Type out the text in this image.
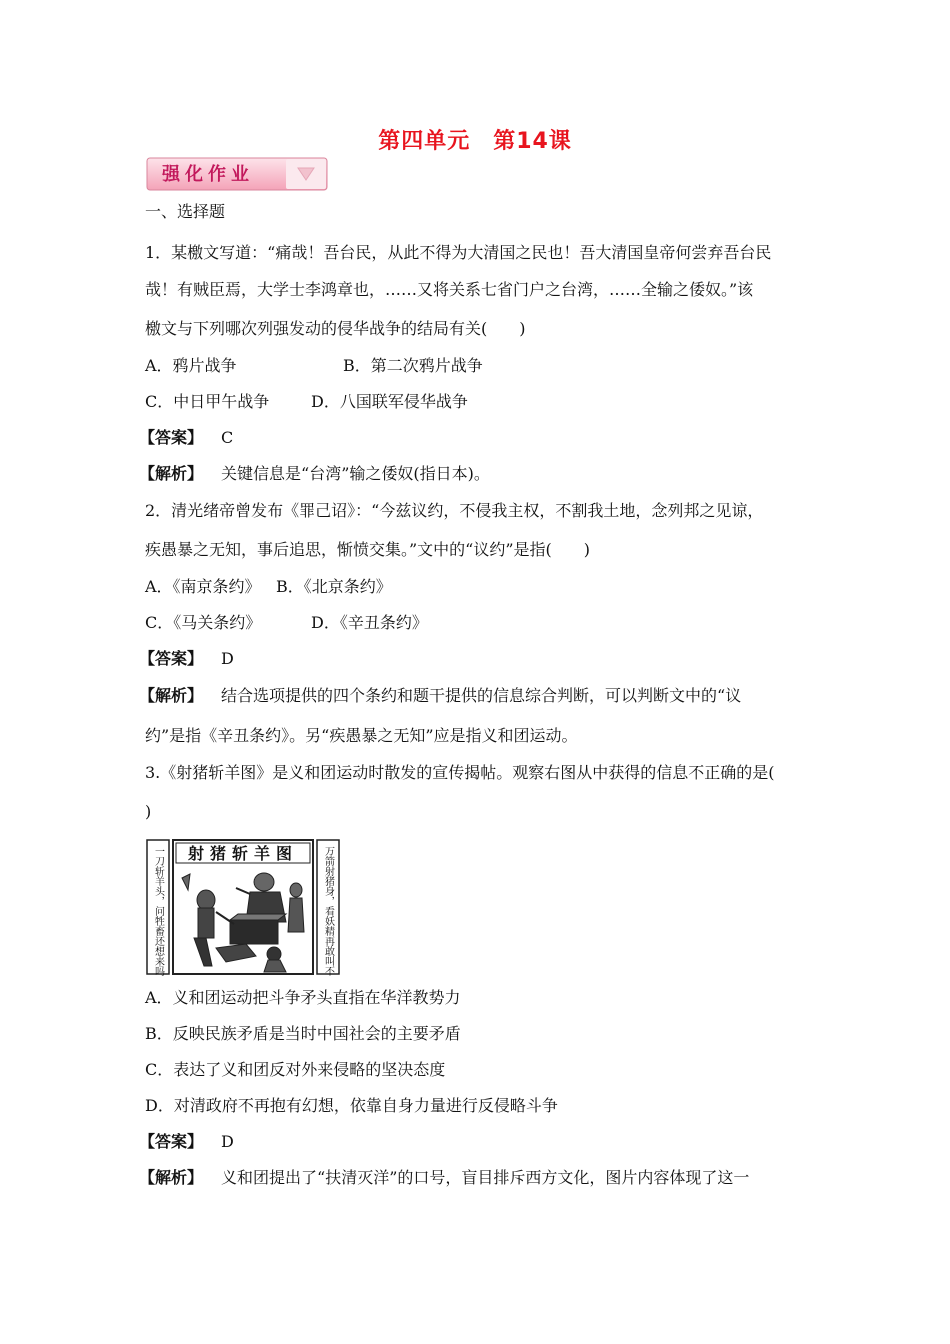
第四单元　第14课
强化作业
一、选择题
1．某檄文写道：“痛哉！吾台民，从此不得为大清国之民也！吾大清国皇帝何尝弃吾台民
哉！有贼臣焉，大学士李鸿章也，……又将关系七省门户之台湾，……全输之倭奴。”该
檄文与下列哪次列强发动的侵华战争的结局有关(　　)
A．鸦片战争	B．第二次鸦片战争
C．中日甲午战争	D．八国联军侵华战争
【答案】 C
【解析】 关键信息是“台湾”输之倭奴(指日本)。
2．清光绪帝曾发布《罪己诏》：“今兹议约，不侵我主权，不割我土地，念列邦之见谅，
疾愚暴之无知，事后追思，惭愤交集。”文中的“议约”是指(　　)
A．《南京条约》 B．《北京条约》
C．《马关条约》	D．《辛丑条约》
【答案】 D
【解析】 结合选项提供的四个条约和题干提供的信息综合判断，可以判断文中的“议
约”是指《辛丑条约》。另“疾愚暴之无知”应是指义和团运动。
3.《射猪斩羊图》是义和团运动时散发的宣传揭帖。观察右图从中获得的信息不正确的是(
)
一刀斩羊头，问牲畜还想来吗	万箭射猪身，看妖精再敢叫不
射猪斩羊图
A．义和团运动把斗争矛头直指在华洋教势力
B．反映民族矛盾是当时中国社会的主要矛盾
C．表达了义和团反对外来侵略的坚决态度
D．对清政府不再抱有幻想，依靠自身力量进行反侵略斗争
【答案】 D
【解析】 义和团提出了“扶清灭洋”的口号，盲目排斥西方文化，图片内容体现了这一
